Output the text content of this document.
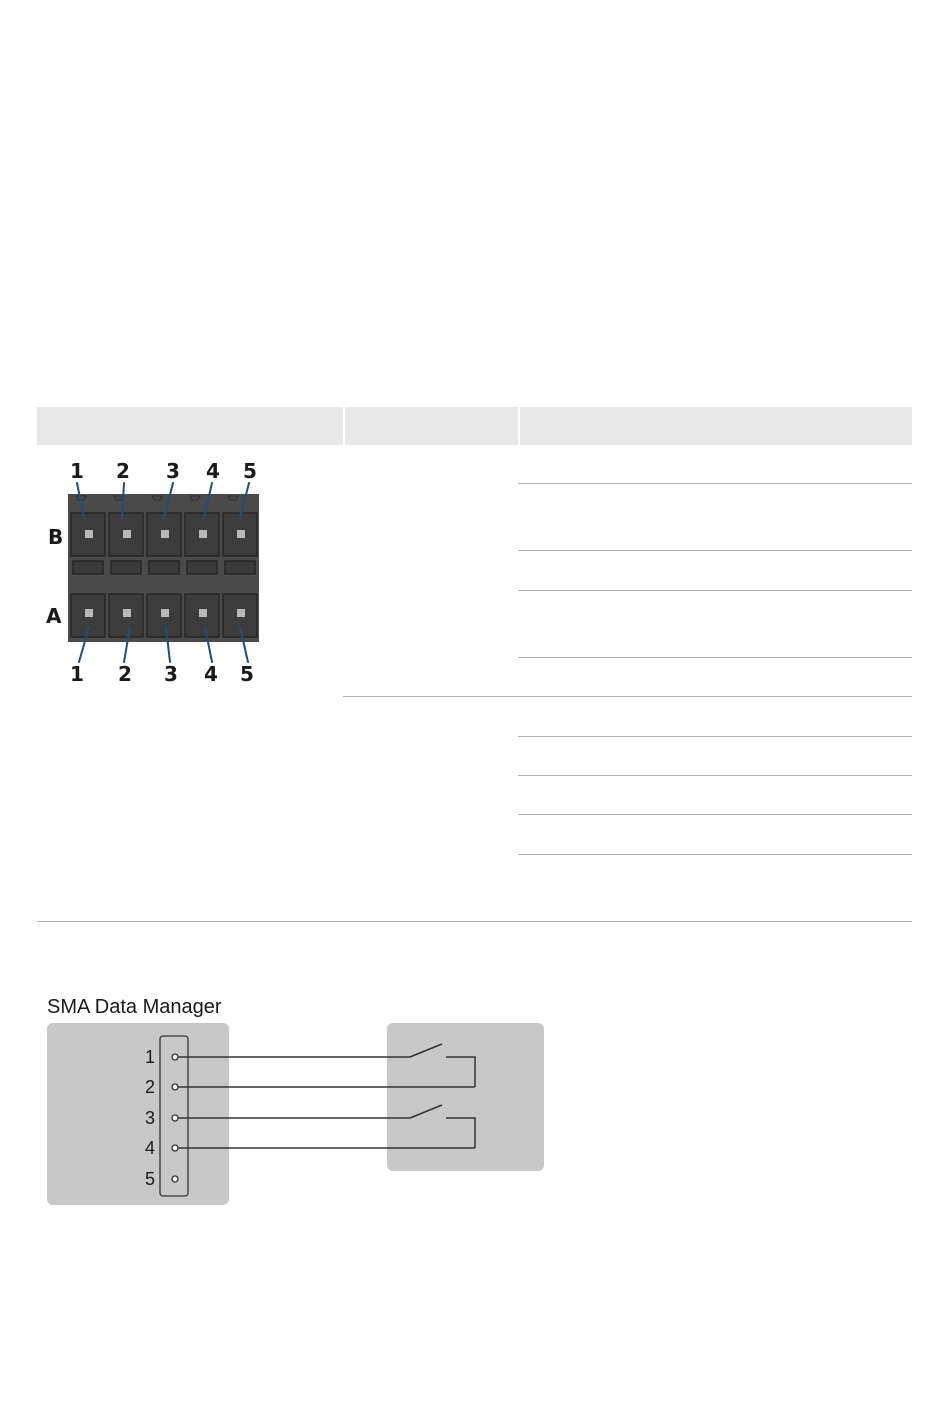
1 2 3 4 5
B
A
1 2 3 4 5
SMA Data Manager
1
2
3
4
5
